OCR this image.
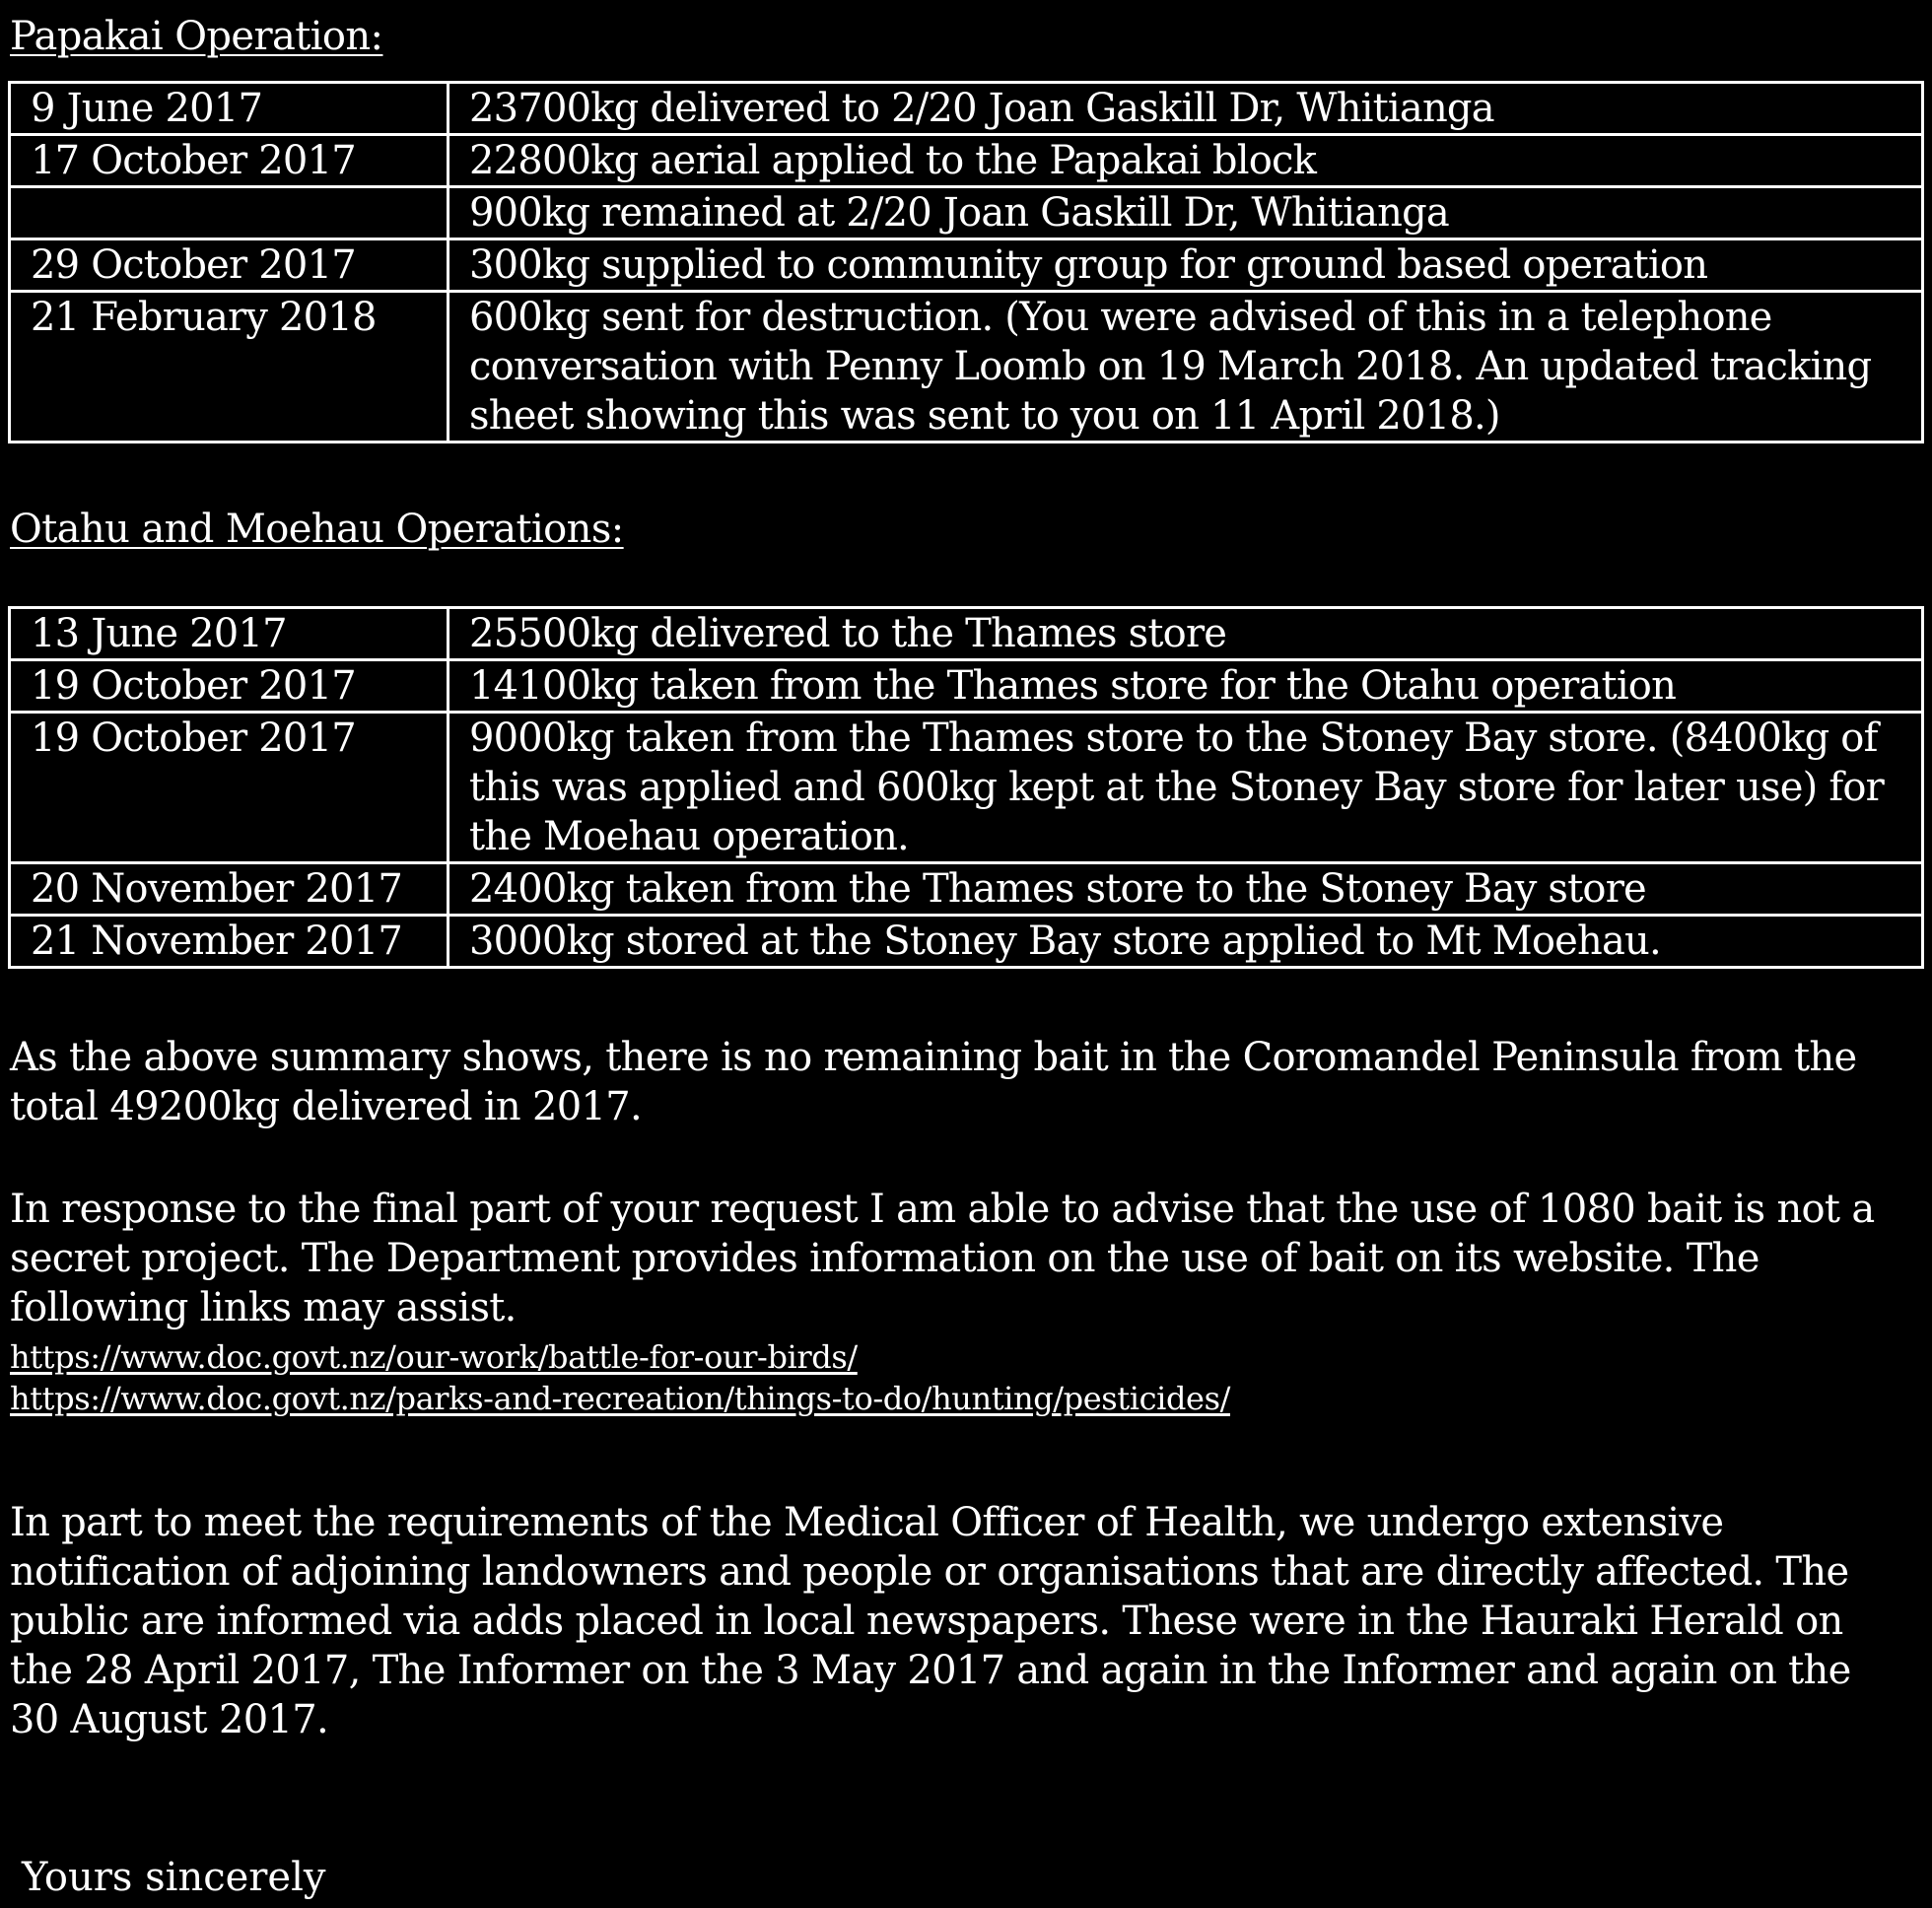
Papakai Operation:
9 June 2017	23700kg delivered to 2/20 Joan Gaskill Dr, Whitianga
17 October 2017	22800kg aerial applied to the Papakai block
	900kg remained at 2/20 Joan Gaskill Dr, Whitianga
29 October 2017	300kg supplied to community group for ground based operation
21 February 2018	600kg sent for destruction. (You were advised of this in a telephone conversation with Penny Loomb on 19 March 2018. An updated tracking sheet showing this was sent to you on 11 April 2018.)
Otahu and Moehau Operations:
13 June 2017	25500kg delivered to the Thames store
19 October 2017	14100kg taken from the Thames store for the Otahu operation
19 October 2017	9000kg taken from the Thames store to the Stoney Bay store. (8400kg of this was applied and 600kg kept at the Stoney Bay store for later use) for the Moehau operation.
20 November 2017	2400kg taken from the Thames store to the Stoney Bay store
21 November 2017	3000kg stored at the Stoney Bay store applied to Mt Moehau.

As the above summary shows, there is no remaining bait in the Coromandel Peninsula from the total 49200kg delivered in 2017.

In response to the final part of your request I am able to advise that the use of 1080 bait is not a secret project. The Department provides information on the use of bait on its website. The following links may assist.

https://www.doc.govt.nz/our-work/battle-for-our-birds/
https://www.doc.govt.nz/parks-and-recreation/things-to-do/hunting/pesticides/

In part to meet the requirements of the Medical Officer of Health, we undergo extensive notification of adjoining landowners and people or organisations that are directly affected. The public are informed via adds placed in local newspapers. These were in the Hauraki Herald on the 28 April 2017, The Informer on the 3 May 2017 and again in the Informer and again on the 30 August 2017.

Yours sincerely
